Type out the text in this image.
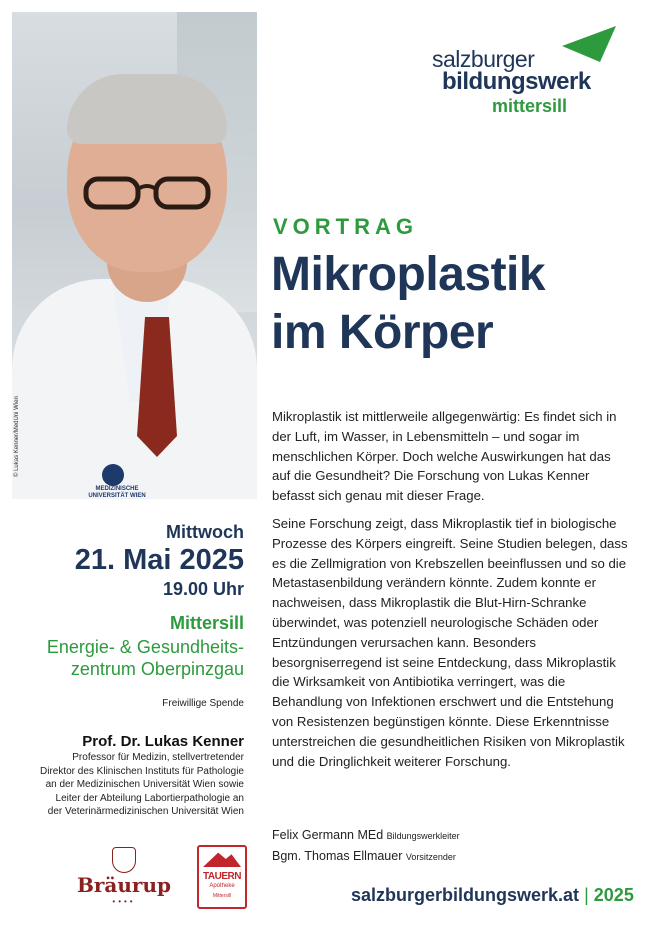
MEDIZINISCHE
UNIVERSITÄT WIEN
© Lukas Kenner/MedUni Wien
salzburger
bildungswerk
mittersill
VORTRAG
Mikroplastik
im Körper

Mikroplastik ist mittlerweile allgegenwärtig: Es findet sich in der Luft, im Wasser, in Lebensmitteln – und sogar im menschlichen Körper. Doch welche Auswirkungen hat das auf die Gesundheit? Die Forschung von Lukas Kenner befasst sich genau mit dieser Frage.

Seine Forschung zeigt, dass Mikroplastik tief in biologische Prozesse des Körpers eingreift. Seine Studien belegen, dass es die Zellmigration von Krebszellen beeinflussen und so die Metastasenbildung verändern könnte. Zudem konnte er nachweisen, dass Mikroplastik die Blut-Hirn-Schranke überwindet, was potenziell neurologische Schäden oder Entzündungen verursachen kann. Besonders besorgniserregend ist seine Entdeckung, dass Mikroplastik die Wirksamkeit von Antibiotika verringert, was die Behandlung von Infektionen erschwert und die Entstehung von Resistenzen begünstigen könnte. Diese Erkenntnisse unterstreichen die gesundheitlichen Risiken von Mikroplastik und die Dringlichkeit weiterer Forschung.

Felix Germann MEd Bildungswerkleiter
Bgm. Thomas Ellmauer Vorsitzender
Mittwoch
21. Mai 2025
19.00 Uhr
Mittersill
Energie- & Gesundheits-
zentrum Oberpinzgau
Freiwillige Spende
Prof. Dr. Lukas Kenner
Professor für Medizin, stellvertretender
Direktor des Klinischen Instituts für Pathologie
an der Medizinischen Universität Wien sowie
Leiter der Abteilung Labortierpathologie an
der Veterinärmedizinischen Universität Wien
Bräurup
••••
TAUERN
Apotheke
Mittersill	salzburgerbildungswerk.at | 2025
